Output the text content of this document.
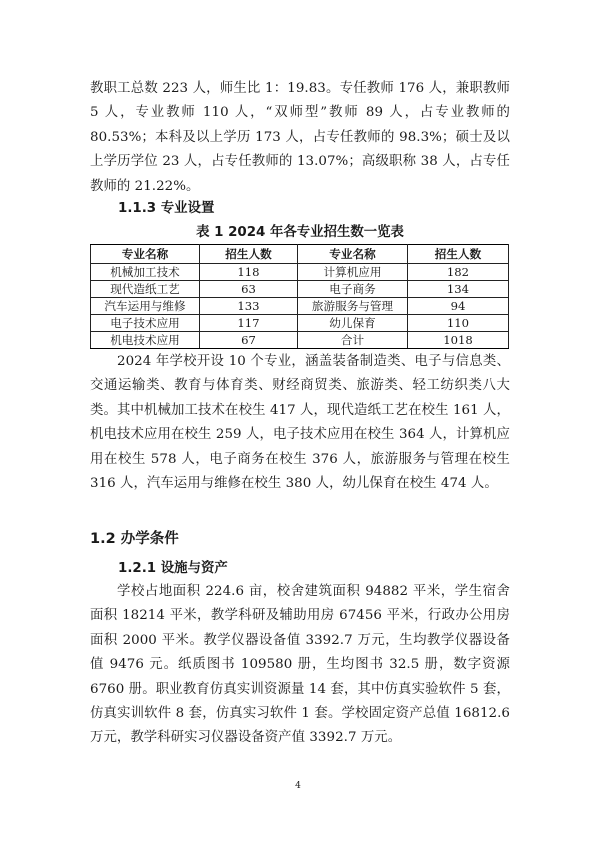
教职工总数 223 人，师生比 1：19.83。专任教师 176 人，兼职教师 5 人，专业教师 110 人，“双师型”教师 89 人，占专业教师的 80.53%；本科及以上学历 173 人，占专任教师的 98.3%；硕士及以上学历学位 23 人，占专任教师的 13.07%；高级职称 38 人，占专任教师的 21.22%。
1.1.3 专业设置
表 1 2024 年各专业招生数一览表
专业名称	招生人数	专业名称	招生人数
机械加工技术	118	计算机应用	182
现代造纸工艺	63	电子商务	134
汽车运用与维修	133	旅游服务与管理	94
电子技术应用	117	幼儿保育	110
机电技术应用	67	合计	1018
2024 年学校开设 10 个专业，涵盖装备制造类、电子与信息类、交通运输类、教育与体育类、财经商贸类、旅游类、轻工纺织类八大类。其中机械加工技术在校生 417 人，现代造纸工艺在校生 161 人，机电技术应用在校生 259 人，电子技术应用在校生 364 人，计算机应用在校生 578 人，电子商务在校生 376 人，旅游服务与管理在校生 316 人，汽车运用与维修在校生 380 人，幼儿保育在校生 474 人。
1.2 办学条件
1.2.1 设施与资产
学校占地面积 224.6 亩，校舍建筑面积 94882 平米，学生宿舍面积 18214 平米，教学科研及辅助用房 67456 平米，行政办公用房面积 2000 平米。教学仪器设备值 3392.7 万元，生均教学仪器设备值 9476 元。纸质图书 109580 册，生均图书 32.5 册，数字资源 6760 册。职业教育仿真实训资源量 14 套，其中仿真实验软件 5 套，仿真实训软件 8 套，仿真实习软件 1 套。学校固定资产总值 16812.6 万元，教学科研实习仪器设备资产值 3392.7 万元。
4
